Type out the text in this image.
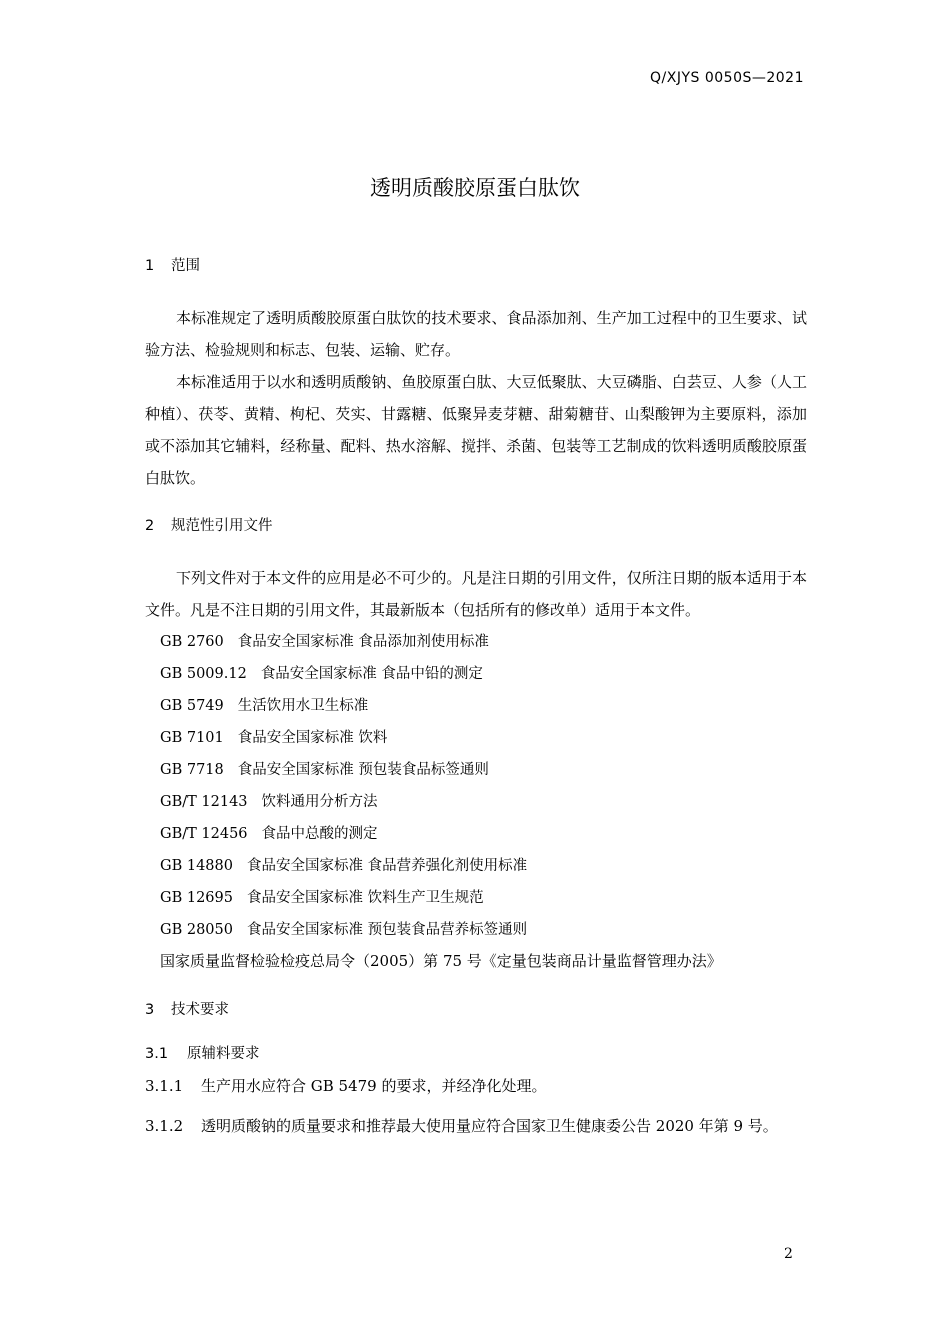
Q/XJYS 0050S—2021
透明质酸胶原蛋白肽饮
1 范围

本标准规定了透明质酸胶原蛋白肽饮的技术要求、食品添加剂、生产加工过程中的卫生要求、试验方法、检验规则和标志、包装、运输、贮存。

本标准适用于以水和透明质酸钠、鱼胶原蛋白肽、大豆低聚肽、大豆磷脂、白芸豆、人参（人工种植）、茯苓、黄精、枸杞、芡实、甘露糖、低聚异麦芽糖、甜菊糖苷、山梨酸钾为主要原料，添加或不添加其它辅料，经称量、配料、热水溶解、搅拌、杀菌、包装等工艺制成的饮料透明质酸胶原蛋白肽饮。

2 规范性引用文件

下列文件对于本文件的应用是必不可少的。凡是注日期的引用文件，仅所注日期的版本适用于本文件。凡是不注日期的引用文件，其最新版本（包括所有的修改单）适用于本文件。

GB 2760 食品安全国家标准 食品添加剂使用标准
GB 5009.12 食品安全国家标准 食品中铅的测定
GB 5749 生活饮用水卫生标准
GB 7101 食品安全国家标准 饮料
GB 7718 食品安全国家标准 预包装食品标签通则
GB/T 12143 饮料通用分析方法
GB/T 12456 食品中总酸的测定
GB 14880 食品安全国家标准 食品营养强化剂使用标准
GB 12695 食品安全国家标准 饮料生产卫生规范
GB 28050 食品安全国家标准 预包装食品营养标签通则
国家质量监督检验检疫总局令（2005）第 75 号《定量包装商品计量监督管理办法》
3 技术要求
3.1 原辅料要求
3.1.1 生产用水应符合 GB 5479 的要求，并经净化处理。

3.1.2 透明质酸钠的质量要求和推荐最大使用量应符合国家卫生健康委公告 2020 年第 9 号。

2
